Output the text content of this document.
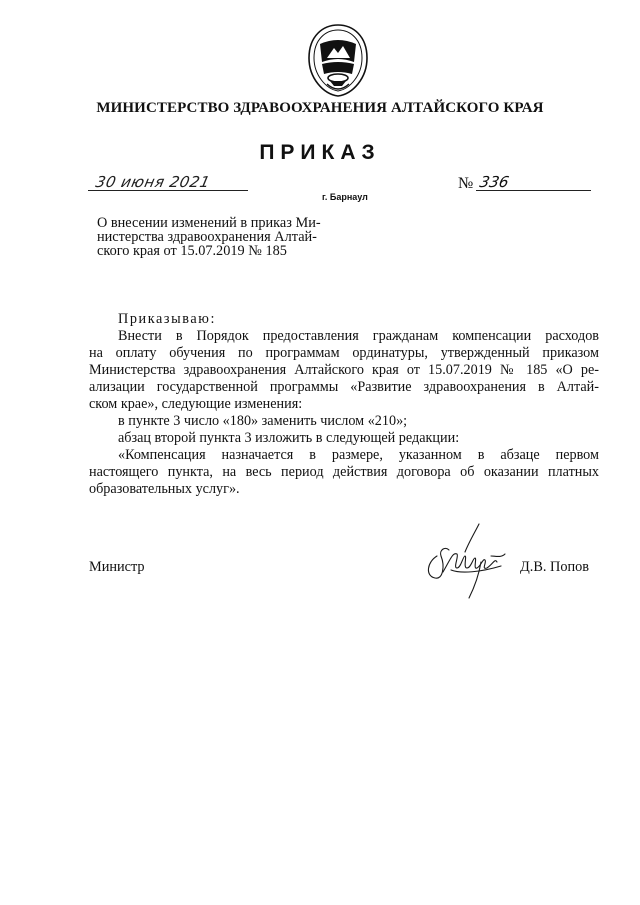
МИНИСТЕРСТВО ЗДРАВООХРАНЕНИЯ АЛТАЙСКОГО КРАЯ
ПРИКАЗ
30 июня 2021
г. Барнаул
№ 336
О внесении изменений в приказ Ми-
нистерства здравоохранения Алтай-
ского края от 15.07.2019 № 185
Приказываю:
Внести в Порядок предоставления гражданам компенсации расходов
на оплату обучения по программам ординатуры, утвержденный приказом
Министерства здравоохранения Алтайского края от 15.07.2019 № 185 «О ре-
ализации государственной программы «Развитие здравоохранения в Алтай-
ском крае», следующие изменения:
в пункте 3 число «180» заменить числом «210»;
абзац второй пункта 3 изложить в следующей редакции:
«Компенсация назначается в размере, указанном в абзаце первом
настоящего пункта, на весь период действия договора об оказании платных
образовательных услуг».
Министр	Д.В. Попов
